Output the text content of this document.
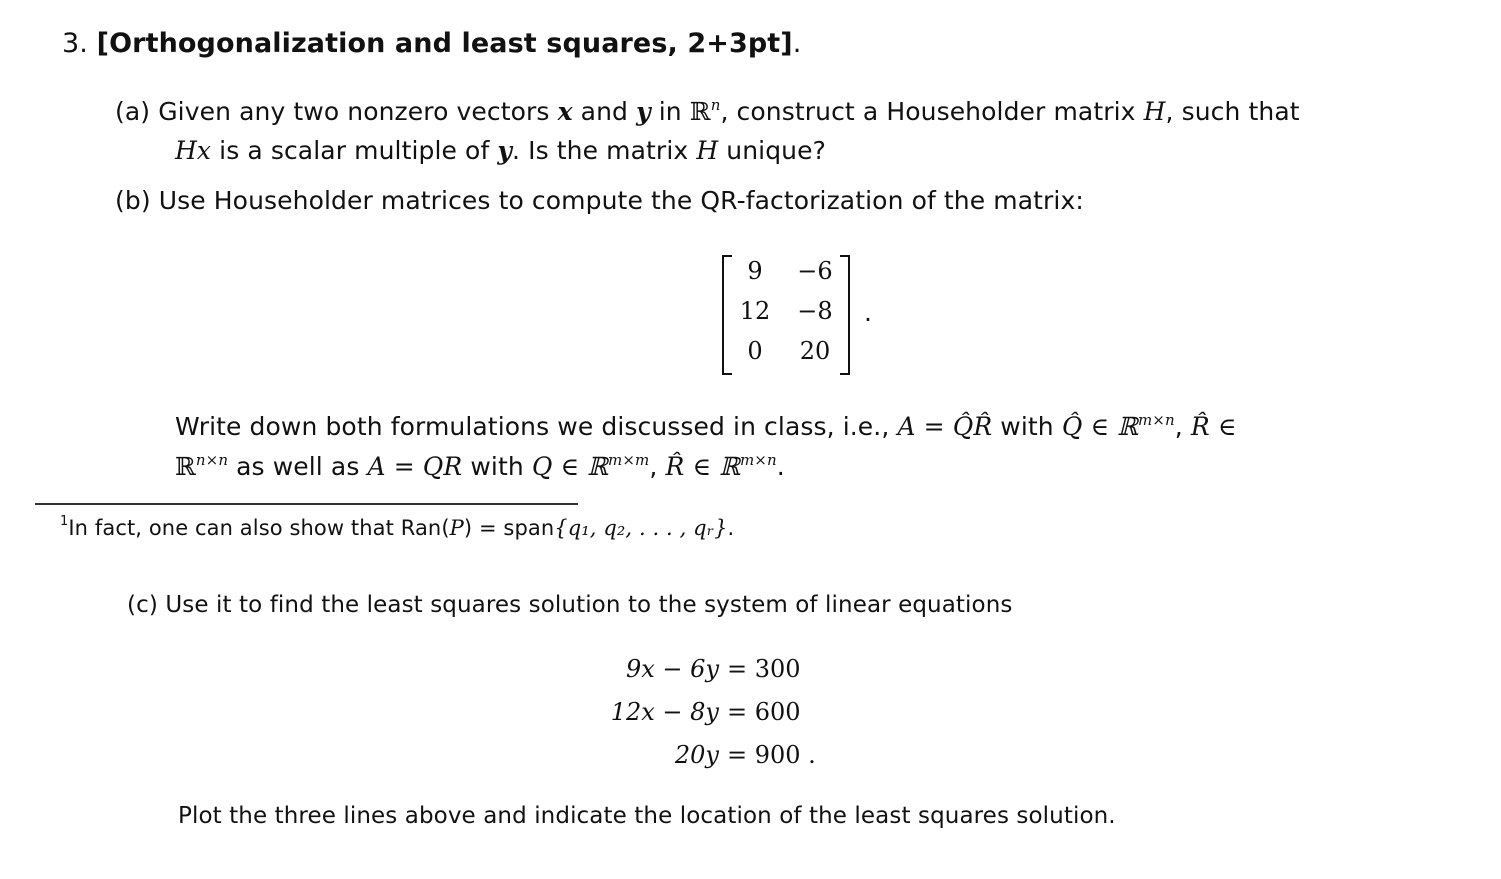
3. [Orthogonalization and least squares, 2+3pt].
(a) Given any two nonzero vectors x and y in ℝ$^n$, construct a Householder matrix H, such that
Hx is a scalar multiple of y. Is the matrix H unique?
(b) Use Householder matrices to compute the QR-factorization of the matrix:
9	−6
12	−8
0	20
.
Write down both formulations we discussed in class, i.e., A = Q̂R̂ with Q̂ ∈ ℝ$^{m\times n}$, R̂ ∈
ℝ$^{n\times n}$ as well as A = QR with Q ∈ ℝ$^{m\times m}$, R̂ ∈ ℝ$^{m\times n}$.
$^1$In fact, one can also show that Ran(P) = span{q₁, q₂, . . . , qᵣ}.
(c) Use it to find the least squares solution to the system of linear equations
9x − 6y = 300
12x − 8y = 600
20y = 900 .
Plot the three lines above and indicate the location of the least squares solution.
